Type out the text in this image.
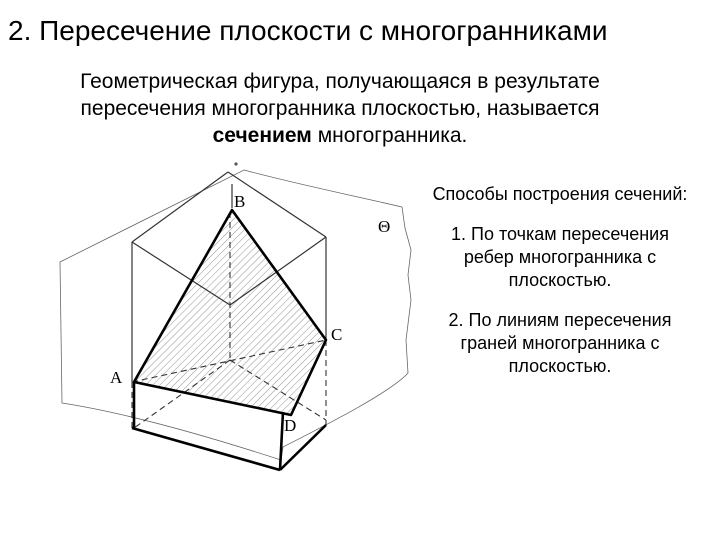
2. Пересечение плоскости с многогранниками
Геометрическая фигура, получающаяся в результате пересечения многогранника плоскостью, называется сечением многогранника.
A
B
C
D
Θ
Способы построения сечений:
1. По точкам пересечения ребер многогранника с плоскостью.
2. По линиям пересечения граней многогранника с плоскостью.
